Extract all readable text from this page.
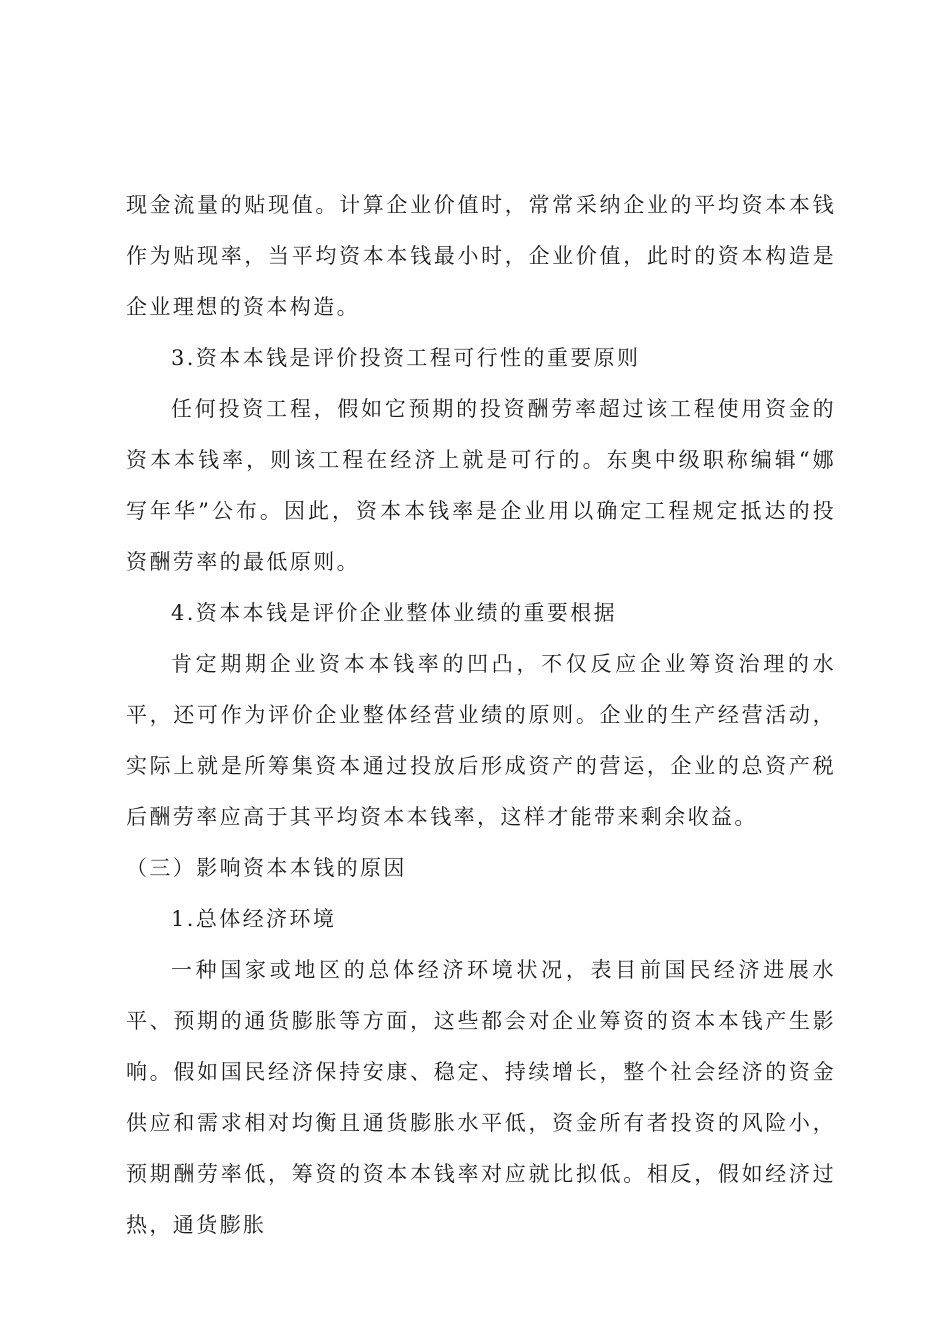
现金流量的贴现值。计算企业价值时，常常采纳企业的平均资本本钱作为贴现率，当平均资本本钱最小时，企业价值，此时的资本构造是企业理想的资本构造。

3.资本本钱是评价投资工程可行性的重要原则

任何投资工程，假如它预期的投资酬劳率超过该工程使用资金的资本本钱率，则该工程在经济上就是可行的。东奥中级职称编辑“娜写年华”公布。因此，资本本钱率是企业用以确定工程规定抵达的投资酬劳率的最低原则。

4.资本本钱是评价企业整体业绩的重要根据

肯定期期企业资本本钱率的凹凸，不仅反应企业筹资治理的水平，还可作为评价企业整体经营业绩的原则。企业的生产经营活动，实际上就是所筹集资本通过投放后形成资产的营运，企业的总资产税后酬劳率应高于其平均资本本钱率，这样才能带来剩余收益。

（三）影响资本本钱的原因

1.总体经济环境

一种国家或地区的总体经济环境状况，表目前国民经济进展水平、预期的通货膨胀等方面，这些都会对企业筹资的资本本钱产生影响。假如国民经济保持安康、稳定、持续增长，整个社会经济的资金供应和需求相对均衡且通货膨胀水平低，资金所有者投资的风险小，预期酬劳率低，筹资的资本本钱率对应就比拟低。相反，假如经济过热，通货膨胀
